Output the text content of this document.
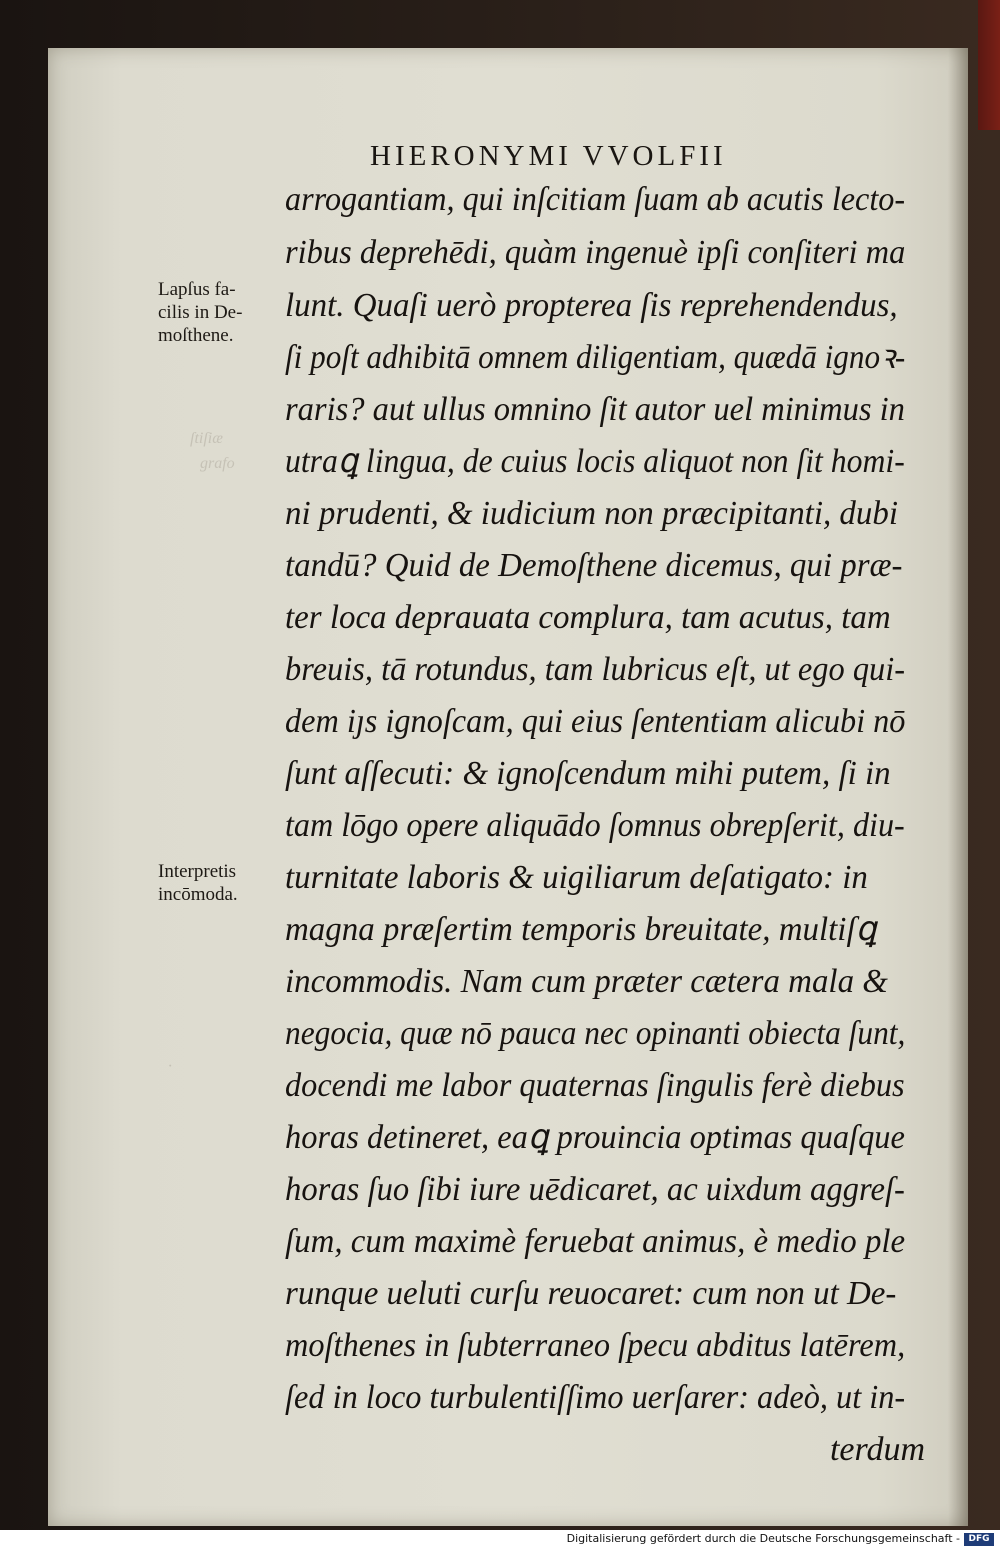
HIERONYMI VVOLFII
ſtiſiæ
grafo
·
Lapſus fa-
cilis in De-
moſthene.
Interpretis
incōmoda.
arrogantiam, qui inſcitiam ſuam ab acutis lecto-
ribus deprehēdi, quàm ingenuè ipſi conſiteri ma
lunt. Quaſi uerò propterea ſis reprehendendus,
ſi poſt adhibitā omnem diligentiam, quædā ignoꝛ-
raris? aut ullus omnino ſit autor uel minimus in
utraꝗ lingua, de cuius locis aliquot non ſit homi-
ni prudenti, & iudicium non præcipitanti, dubi
tandū? Quid de Demoſthene dicemus, qui præ-
ter loca deprauata complura, tam acutus, tam
breuis, tā rotundus, tam lubricus eſt, ut ego qui-
dem iȷs ignoſcam, qui eius ſententiam alicubi nō
ſunt aſſecuti: & ignoſcendum mihi putem, ſi in
tam lōgo opere aliquādo ſomnus obrepſerit, diu-
turnitate laboris & uigiliarum deſatigato: in
magna præſertim temporis breuitate, multiſꝗ
incommodis. Nam cum præter cætera mala &
negocia, quæ nō pauca nec opinanti obiecta ſunt,
docendi me labor quaternas ſingulis ferè diebus
horas detineret, eaꝗ prouincia optimas quaſque
horas ſuo ſibi iure uēdicaret, ac uixdum aggreſ-
ſum, cum maximè feruebat animus, è medio ple
runque ueluti curſu reuocaret: cum non ut De-
moſthenes in ſubterraneo ſpecu abditus latērem,
ſed in loco turbulentiſſimo uerſarer: adeò, ut in-
terdum
Digitalisierung gefördert durch die Deutsche Forschungsgemeinschaft - DFG
